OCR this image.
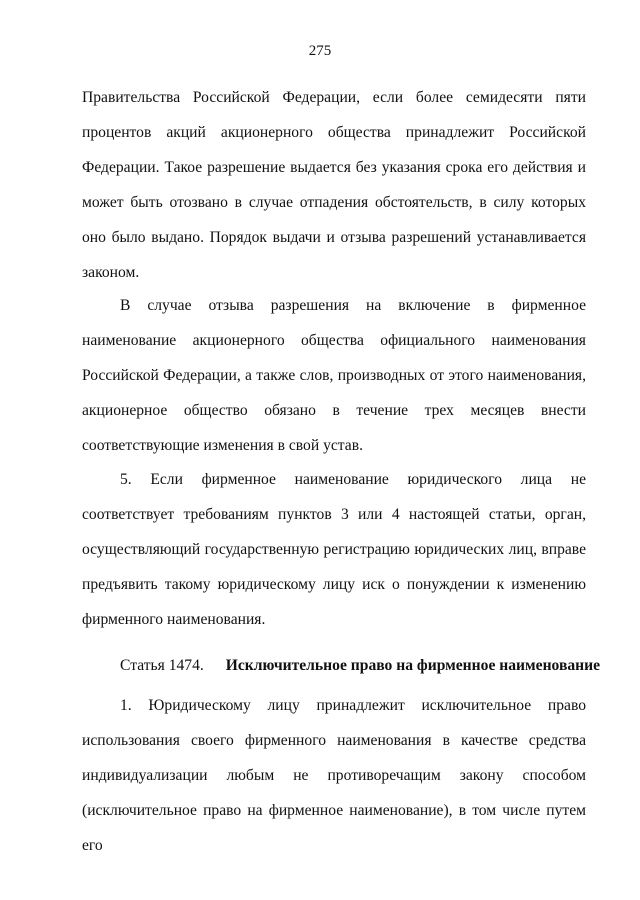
275

Правительства Российской Федерации, если более семидесяти пяти процентов акций акционерного общества принадлежит Российской Федерации. Такое разрешение выдается без указания срока его действия и может быть отозвано в случае отпадения обстоятельств, в силу которых оно было выдано. Порядок выдачи и отзыва разрешений устанавливается законом.

В случае отзыва разрешения на включение в фирменное наименование акционерного общества официального наименования Российской Федерации, а также слов, производных от этого наименования, акционерное общество обязано в течение трех месяцев внести соответствующие изменения в свой устав.

5. Если фирменное наименование юридического лица не соответствует требованиям пунктов 3 или 4 настоящей статьи, орган, осуществляющий государственную регистрацию юридических лиц, вправе предъявить такому юридическому лицу иск о понуждении к изменению фирменного наименования.

Статья 1474. Исключительное право на фирменное наименование

1. Юридическому лицу принадлежит исключительное право использования своего фирменного наименования в качестве средства индивидуализации любым не противоречащим закону способом (исключительное право на фирменное наименование), в том числе путем его
